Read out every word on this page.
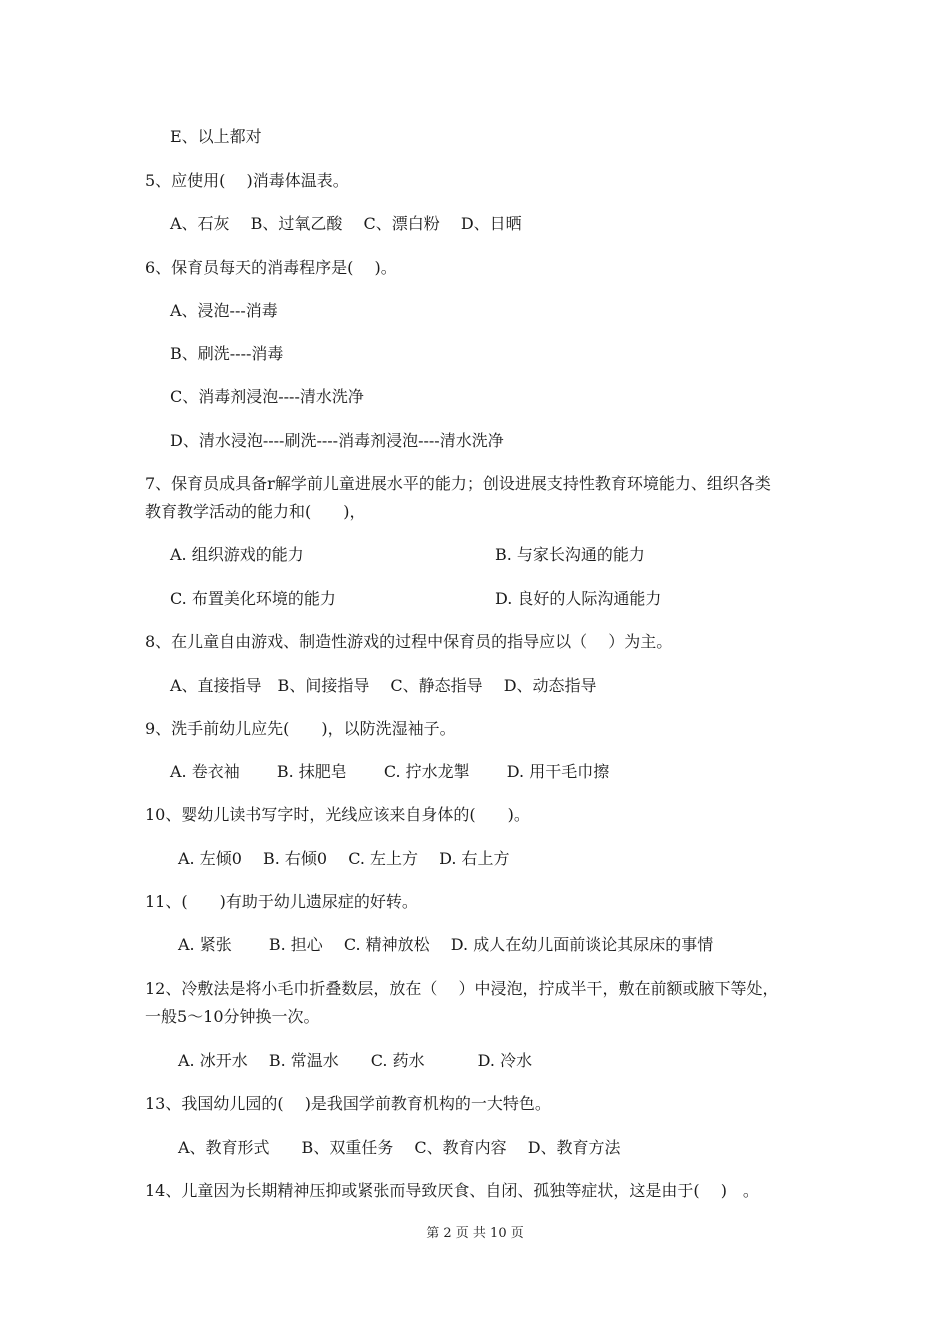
E、以上都对
5、应使用(　 )消毒体温表。
A、石灰　 B、过氧乙酸　 C、漂白粉　 D、日晒
6、保育员每天的消毒程序是(　 )。
A、浸泡---消毒
B、刷洗----消毒
C、消毒剂浸泡----清水洗净
D、清水浸泡----刷洗----消毒剂浸泡----清水洗净
7、保育员成具备r解学前儿童进展水平的能力；创设进展支持性教育环境能力、组织各类
教育教学活动的能力和(　　)，
A. 组织游戏的能力	B. 与家长沟通的能力
C. 布置美化环境的能力	D. 良好的人际沟通能力
8、在儿童自由游戏、制造性游戏的过程中保育员的指导应以（　 ）为主。
A、直接指导　B、间接指导　 C、静态指导　 D、动态指导
9、洗手前幼儿应先(　　)，以防洗湿袖子。
A. 卷衣袖　　 B. 抹肥皂　　 C. 拧水龙掣　　 D. 用干毛巾擦
10、婴幼儿读书写字时，光线应该来自身体的(　　)。
A. 左倾0　 B. 右倾0　 C. 左上方　 D. 右上方
11、(　　)有助于幼儿遗尿症的好转。
A. 紧张　　 B. 担心　 C. 精神放松　 D. 成人在幼儿面前谈论其尿床的事情
12、冷敷法是将小毛巾折叠数层，放在（　 ）中浸泡，拧成半干，敷在前额或腋下等处，
一般5～10分钟换一次。
A. 冰开水　 B. 常温水　　C. 药水　　　 D. 冷水
13、我国幼儿园的(　 )是我国学前教育机构的一大特色。
A、教育形式　　B、双重任务　 C、教育内容　 D、教育方法
14、儿童因为长期精神压抑或紧张而导致厌食、自闭、孤独等症状，这是由于(　 )　。
第 2 页 共 10 页
